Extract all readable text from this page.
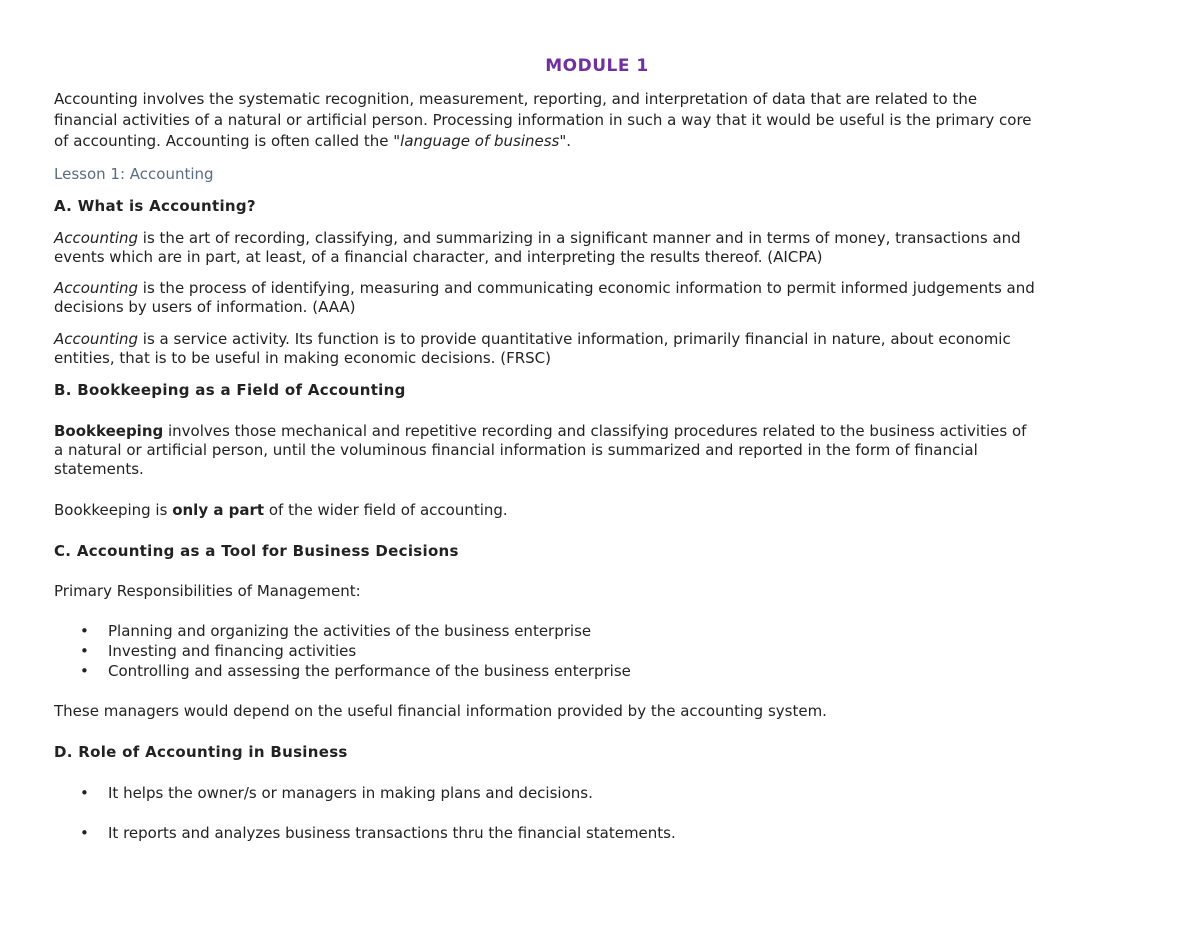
MODULE 1
Accounting involves the systematic recognition, measurement, reporting, and interpretation of data that are related to the
financial activities of a natural or artificial person. Processing information in such a way that it would be useful is the primary core
of accounting. Accounting is often called the "language of business".
Lesson 1: Accounting
A. What is Accounting?
Accounting is the art of recording, classifying, and summarizing in a significant manner and in terms of money, transactions and
events which are in part, at least, of a financial character, and interpreting the results thereof. (AICPA)
Accounting is the process of identifying, measuring and communicating economic information to permit informed judgements and
decisions by users of information. (AAA)
Accounting is a service activity. Its function is to provide quantitative information, primarily financial in nature, about economic
entities, that is to be useful in making economic decisions. (FRSC)
B. Bookkeeping as a Field of Accounting
Bookkeeping involves those mechanical and repetitive recording and classifying procedures related to the business activities of
a natural or artificial person, until the voluminous financial information is summarized and reported in the form of financial
statements.
Bookkeeping is only a part of the wider field of accounting.
C. Accounting as a Tool for Business Decisions
Primary Responsibilities of Management:
• Planning and organizing the activities of the business enterprise
• Investing and financing activities
• Controlling and assessing the performance of the business enterprise
These managers would depend on the useful financial information provided by the accounting system.
D. Role of Accounting in Business
• It helps the owner/s or managers in making plans and decisions.
• It reports and analyzes business transactions thru the financial statements.
